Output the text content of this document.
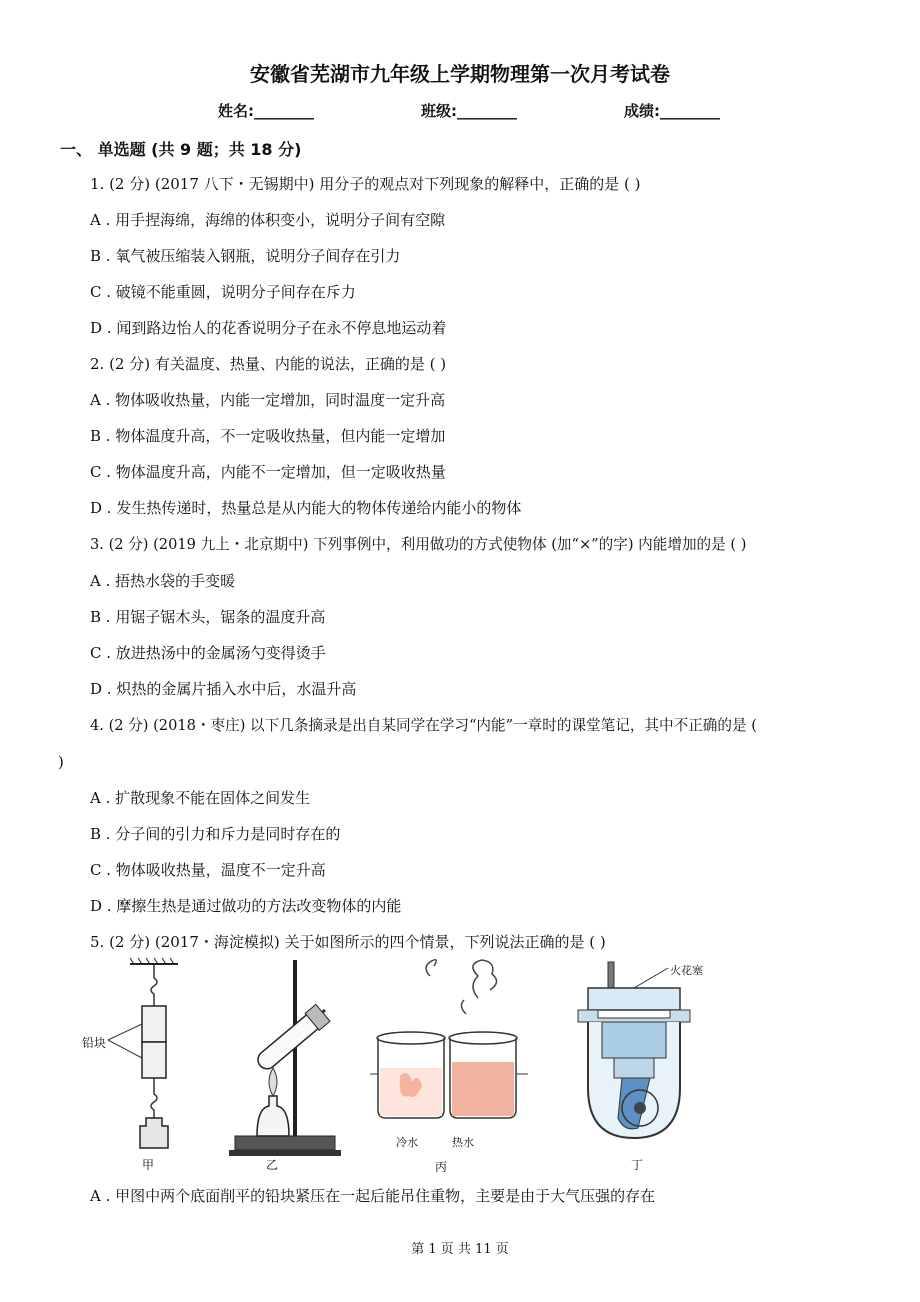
安徽省芜湖市九年级上学期物理第一次月考试卷
姓名:________	班级:________	成绩:________
一、 单选题 (共 9 题；共 18 分)
1. (2 分) (2017 八下・无锡期中) 用分子的观点对下列现象的解释中，正确的是 ( )
A . 用手捏海绵，海绵的体积变小，说明分子间有空隙
B . 氧气被压缩装入钢瓶，说明分子间存在引力
C . 破镜不能重圆，说明分子间存在斥力
D . 闻到路边怡人的花香说明分子在永不停息地运动着
2. (2 分) 有关温度、热量、内能的说法，正确的是 ( )
A . 物体吸收热量，内能一定增加，同时温度一定升高
B . 物体温度升高，不一定吸收热量，但内能一定增加
C . 物体温度升高，内能不一定增加，但一定吸收热量
D . 发生热传递时，热量总是从内能大的物体传递给内能小的物体
3. (2 分) (2019 九上・北京期中) 下列事例中，利用做功的方式使物体 (加“×”的字) 内能增加的是 ( )
A . 捂热水袋的手变暖
B . 用锯子锯木头，锯条的温度升高
C . 放进热汤中的金属汤勺变得烫手
D . 炽热的金属片插入水中后，水温升高
4. (2 分) (2018・枣庄) 以下几条摘录是出自某同学在学习“内能”一章时的课堂笔记，其中不正确的是 (
)
A . 扩散现象不能在固体之间发生
B . 分子间的引力和斥力是同时存在的
C . 物体吸收热量，温度不一定升高
D . 摩擦生热是通过做功的方法改变物体的内能
5. (2 分) (2017・海淀模拟) 关于如图所示的四个情景，下列说法正确的是 ( )
铅块
甲	乙
冷水	热水
丙
火花塞
丁
A . 甲图中两个底面削平的铅块紧压在一起后能吊住重物，主要是由于大气压强的存在
第 1 页 共 11 页
